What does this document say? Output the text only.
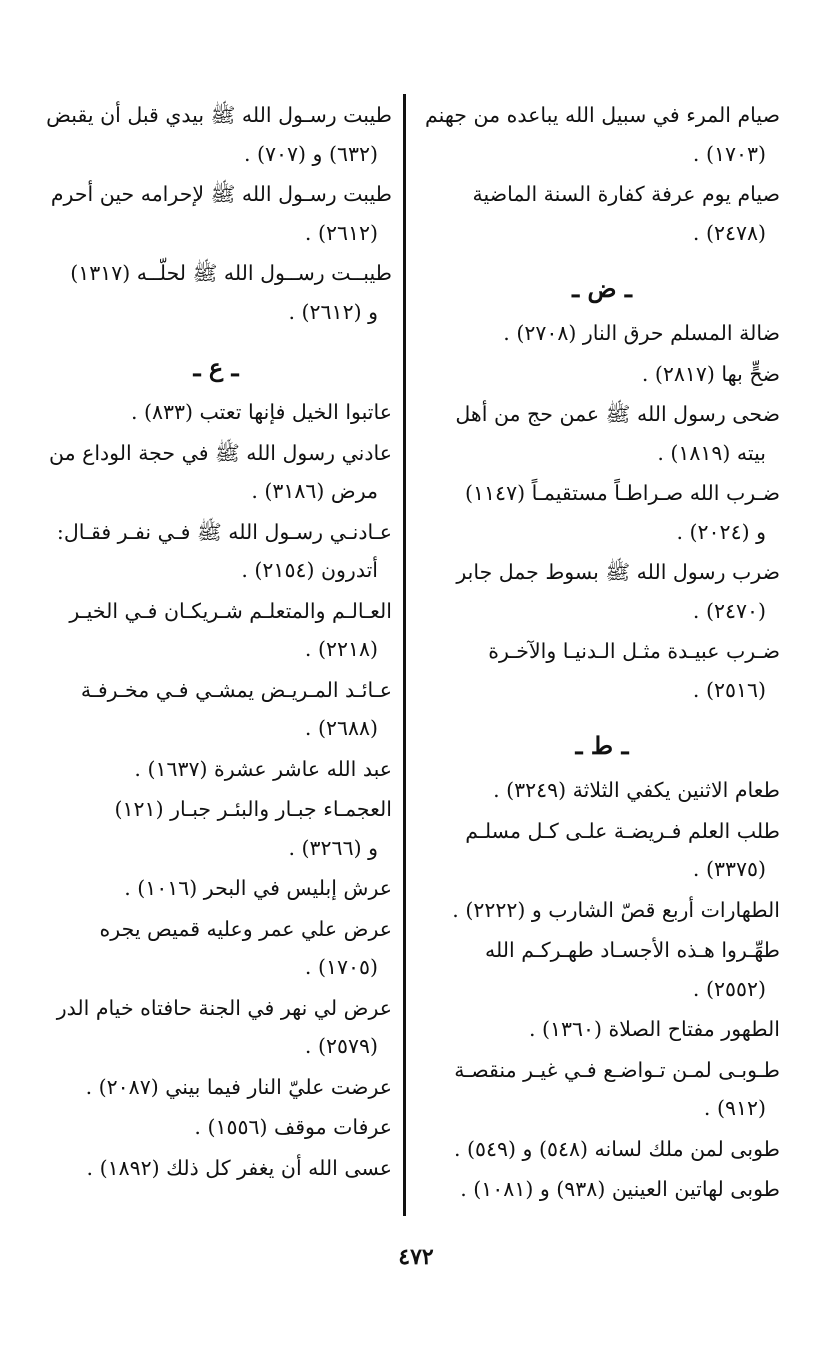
صيام المرء في سبيل الله يباعده من جهنم
(١٧٠٣) .
صيام يوم عرفة كفارة السنة الماضية
(٢٤٧٨) .
ـ ض ـ
ضالة المسلم حرق النار (٢٧٠٨) .
ضحٍّ بها (٢٨١٧) .
ضحى رسول الله ﷺ عمن حج من أهل
بيته (١٨١٩) .
ضـرب الله صـراطـاً مستقيمـاً (١١٤٧)
و (٢٠٢٤) .
ضرب رسول الله ﷺ بسوط جمل جابر
(٢٤٧٠) .
ضـرب عبيـدة مثـل الـدنيـا والآخـرة
(٢٥١٦) .
ـ ط ـ
طعام الاثنين يكفي الثلاثة (٣٢٤٩) .
طلب العلم فـريضـة علـى كـل مسلـم
(٣٣٧٥) .
الطهارات أربع قصّ الشارب و (٢٢٢٢) .
طهِّـروا هـذه الأجسـاد طهـركـم الله
(٢٥٥٢) .
الطهور مفتاح الصلاة (١٣٦٠) .
طـوبـى لمـن تـواضـع فـي غيـر منقصـة
(٩١٢) .
طوبى لمن ملك لسانه (٥٤٨) و (٥٤٩) .
طوبى لهاتين العينين (٩٣٨) و (١٠٨١) .
طيبت رسـول الله ﷺ بيدي قبل أن يقبض
(٦٣٢) و (٧٠٧) .
طيبت رسـول الله ﷺ لإحرامه حين أحرم
(٢٦١٢) .
طيبــت رســول الله ﷺ لحلّــه (١٣١٧)
و (٢٦١٢) .
ـ ع ـ
عاتبوا الخيل فإنها تعتب (٨٣٣) .
عادني رسول الله ﷺ في حجة الوداع من
مرض (٣١٨٦) .
عـادنـي رسـول الله ﷺ فـي نفـر فقـال:
أتدرون (٢١٥٤) .
العـالـم والمتعلـم شـريكـان فـي الخيـر
(٢٢١٨) .
عـائـد المـريـض يمشـي فـي مخـرفـة
(٢٦٨٨) .
عبد الله عاشر عشرة (١٦٣٧) .
العجمـاء جبـار والبئـر جبـار (١٢١)
و (٣٢٦٦) .
عرش إبليس في البحر (١٠١٦) .
عرض علي عمر وعليه قميص يجره
(١٧٠٥) .
عرض لي نهر في الجنة حافتاه خيام الدر
(٢٥٧٩) .
عرضت عليّ النار فيما بيني (٢٠٨٧) .
عرفات موقف (١٥٥٦) .
عسى الله أن يغفر كل ذلك (١٨٩٢) .
٤٧٢
